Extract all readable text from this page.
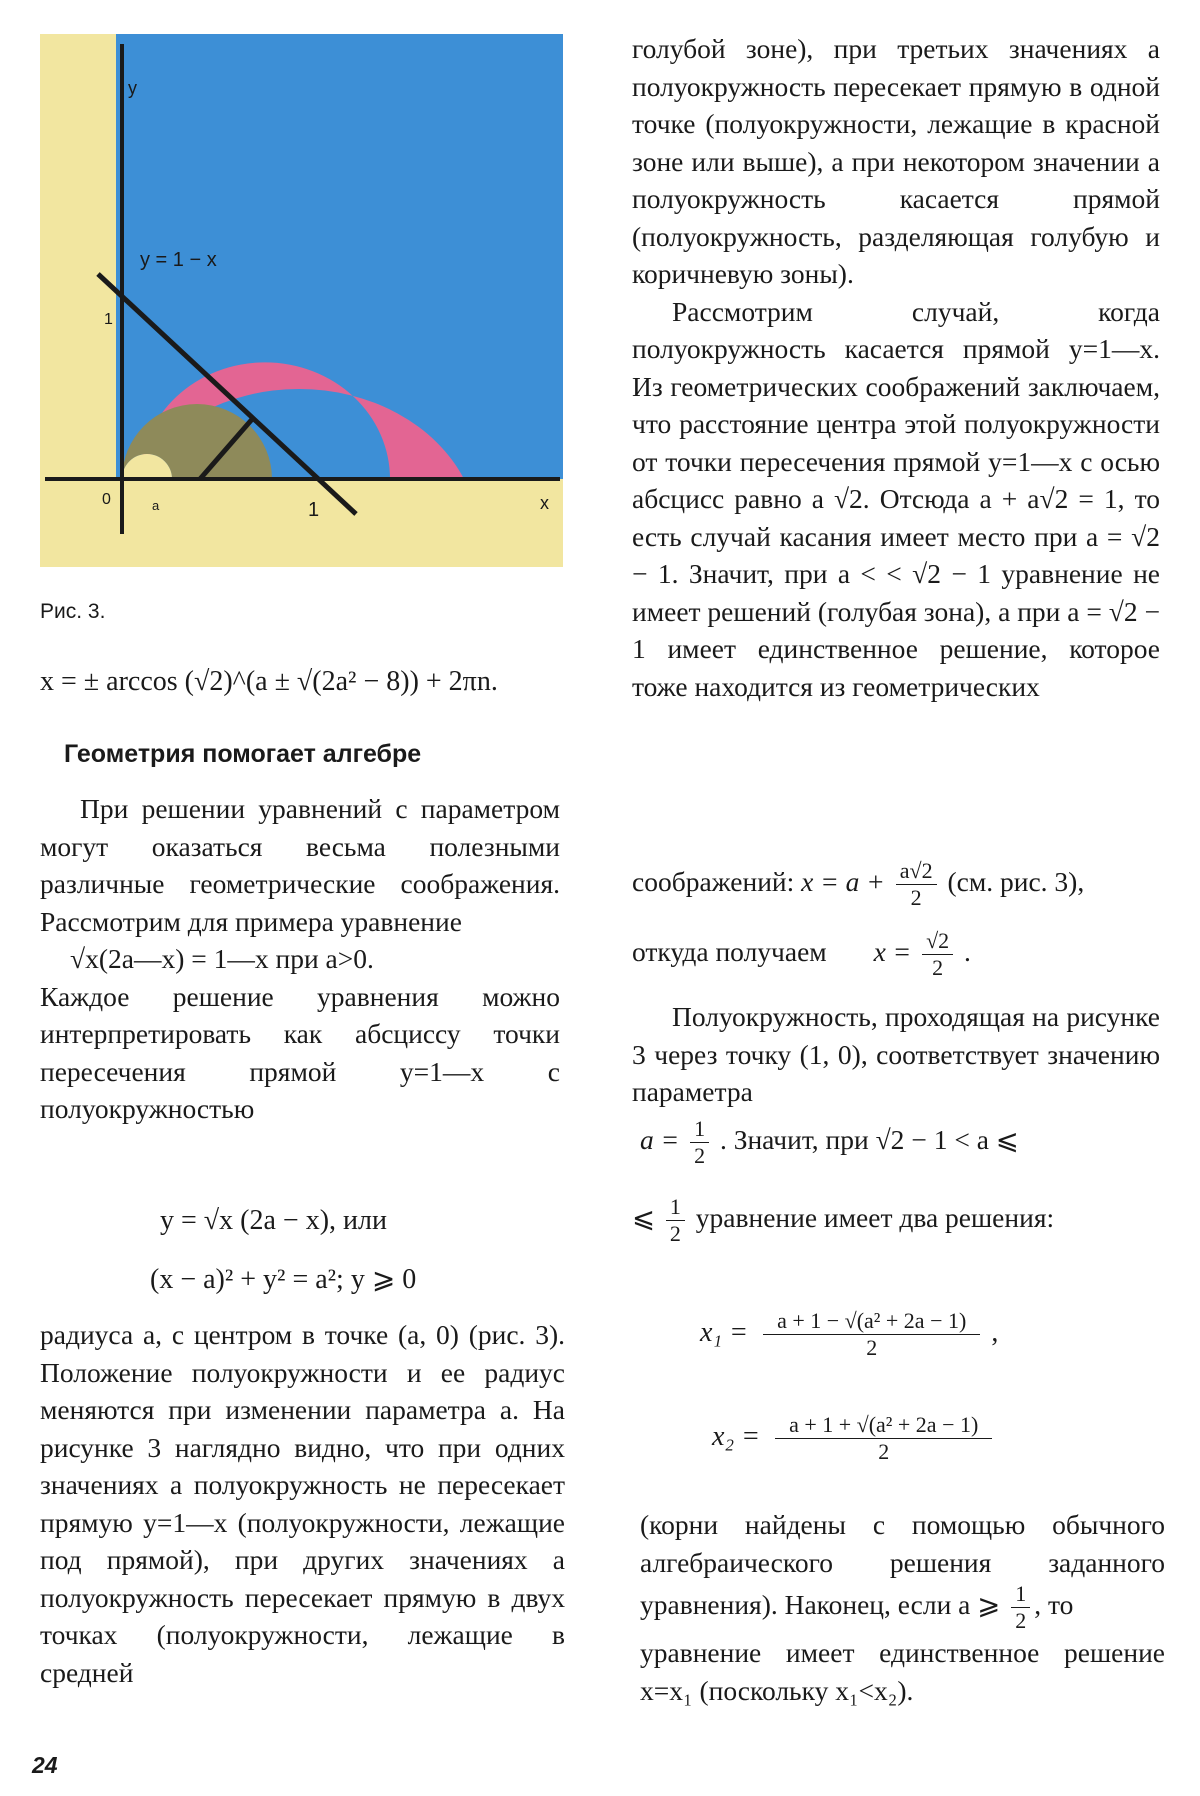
y
x
0	1
1
y = 1 − x
a
Рис. 3.
x = ± arccos (√2)^(a ± √(2a² − 8)) + 2πn.
Геометрия помогает алгебре

При решении уравнений с параметром могут оказаться весьма полезными различные геометрические соображения. Рассмотрим для примера уравнение

√x(2a—x) = 1—x при a>0.

Каждое решение уравнения можно интерпретировать как абсциссу точки пересечения прямой y=1—x с полуокружностью

y = √x (2a − x), или
(x − a)² + y² = a²; y ⩾ 0

радиуса a, с центром в точке (a, 0) (рис. 3). Положение полуокружности и ее радиус меняются при изменении параметра a. На рисунке 3 наглядно видно, что при одних значениях a полуокружность не пересекает прямую y=1—x (полуокружности, лежащие под прямой), при других значениях a полуокружность пересекает прямую в двух точках (полуокружности, лежащие в средней

голубой зоне), при третьих значениях a полуокружность пересекает прямую в одной точке (полуокружности, лежащие в красной зоне или выше), а при некотором значении a полуокружность касается прямой (полуокружность, разделяющая голубую и коричневую зоны).

Рассмотрим случай, когда полуокружность касается прямой y=1—x. Из геометрических соображений заключаем, что расстояние центра этой полуокружности от точки пересечения прямой y=1—x с осью абсцисс равно a √2. Отсюда a + a√2 = 1, то есть случай касания имеет место при a = √2 − 1. Значит, при a < < √2 − 1 уравнение не имеет решений (голубая зона), а при a = √2 − 1 имеет единственное решение, которое тоже находится из геометрических

соображений: $x = a + \frac{a√2}{2} (см$. рис. 3),
откуда получаем $x = \frac{√2}{2}$ .

Полуокружность, проходящая на рисунке 3 через точку (1, 0), соответствует значению параметра

$a = \frac{1}{2}$ . Значит, при √2 − 1 < a ⩽
⩽ $\frac{1}{2}$ уравнение имеет два решения:
$x_1 = \frac{\text{a + 1 − √(a² + 2a − 1)}}{2}$ ,
$x_2 = \frac{\text{a + 1 + √(a² + 2a − 1)}}{2}$

(корни найдены с помощью обычного алгебраического решения заданного уравнения). Наконец, если a ⩾ $\frac{1}{2}$ , то

уравнение имеет единственное решение x=x₁ (поскольку x₁<x₂).

24
